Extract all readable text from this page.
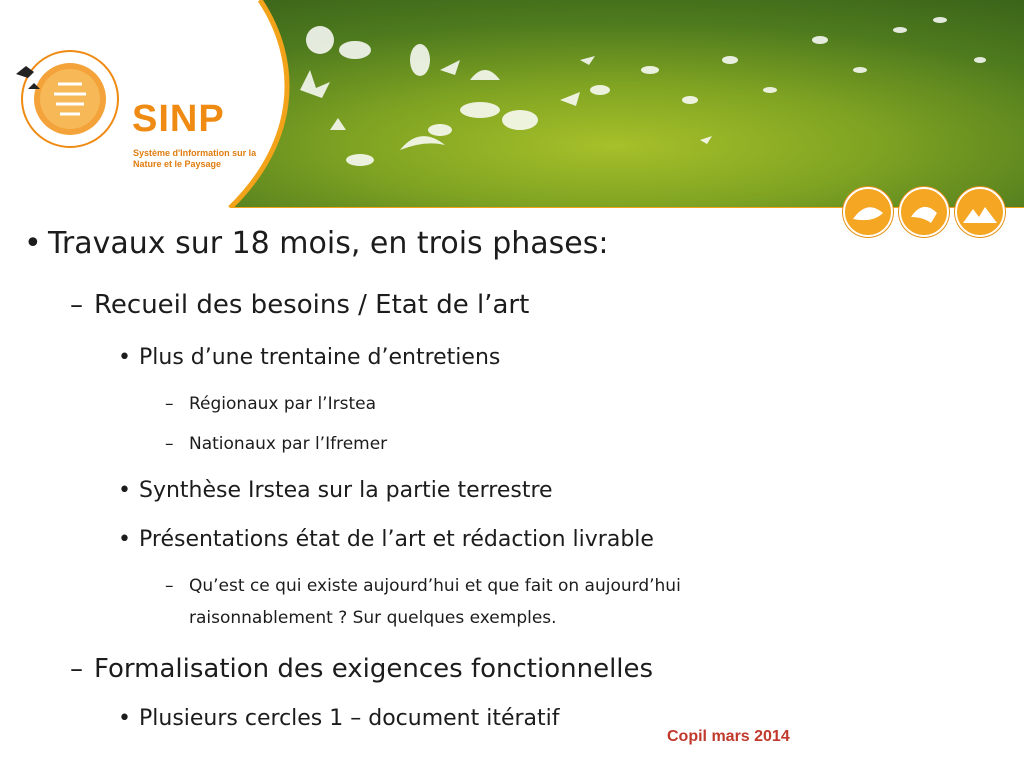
SINP
Système d'Information sur la Nature et le Paysage
• Travaux sur 18 mois, en trois phases:
– Recueil des besoins / Etat de l’art
• Plus d’une trentaine d’entretiens
– Régionaux par l’Irstea
– Nationaux par l’Ifremer
• Synthèse Irstea sur la partie terrestre
• Présentations état de l’art et rédaction livrable
– Qu’est ce qui existe aujourd’hui et que fait on aujourd’hui
raisonnablement ? Sur quelques exemples.
– Formalisation des exigences fonctionnelles
• Plusieurs cercles 1 – document itératif
Copil mars 2014
